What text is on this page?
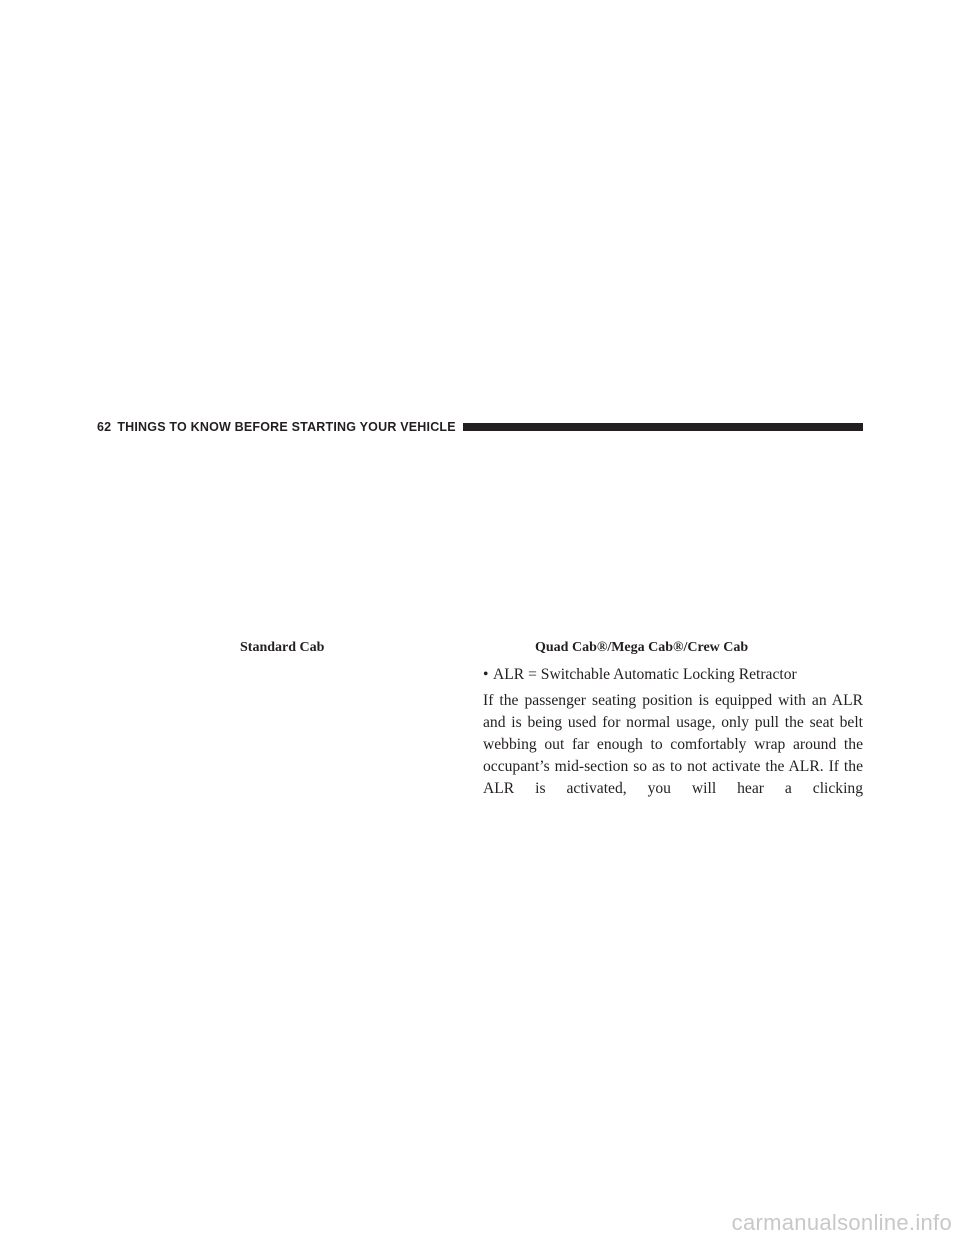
62 THINGS TO KNOW BEFORE STARTING YOUR VEHICLE
Standard Cab	Quad Cab®/Mega Cab®/Crew Cab
• ALR = Switchable Automatic Locking Retractor

If the passenger seating position is equipped with an ALR and is being used for normal usage, only pull the seat belt webbing out far enough to comfortably wrap around the occupant’s mid-section so as to not activate the ALR. If the ALR is activated, you will hear a clicking

carmanualsonline.info
